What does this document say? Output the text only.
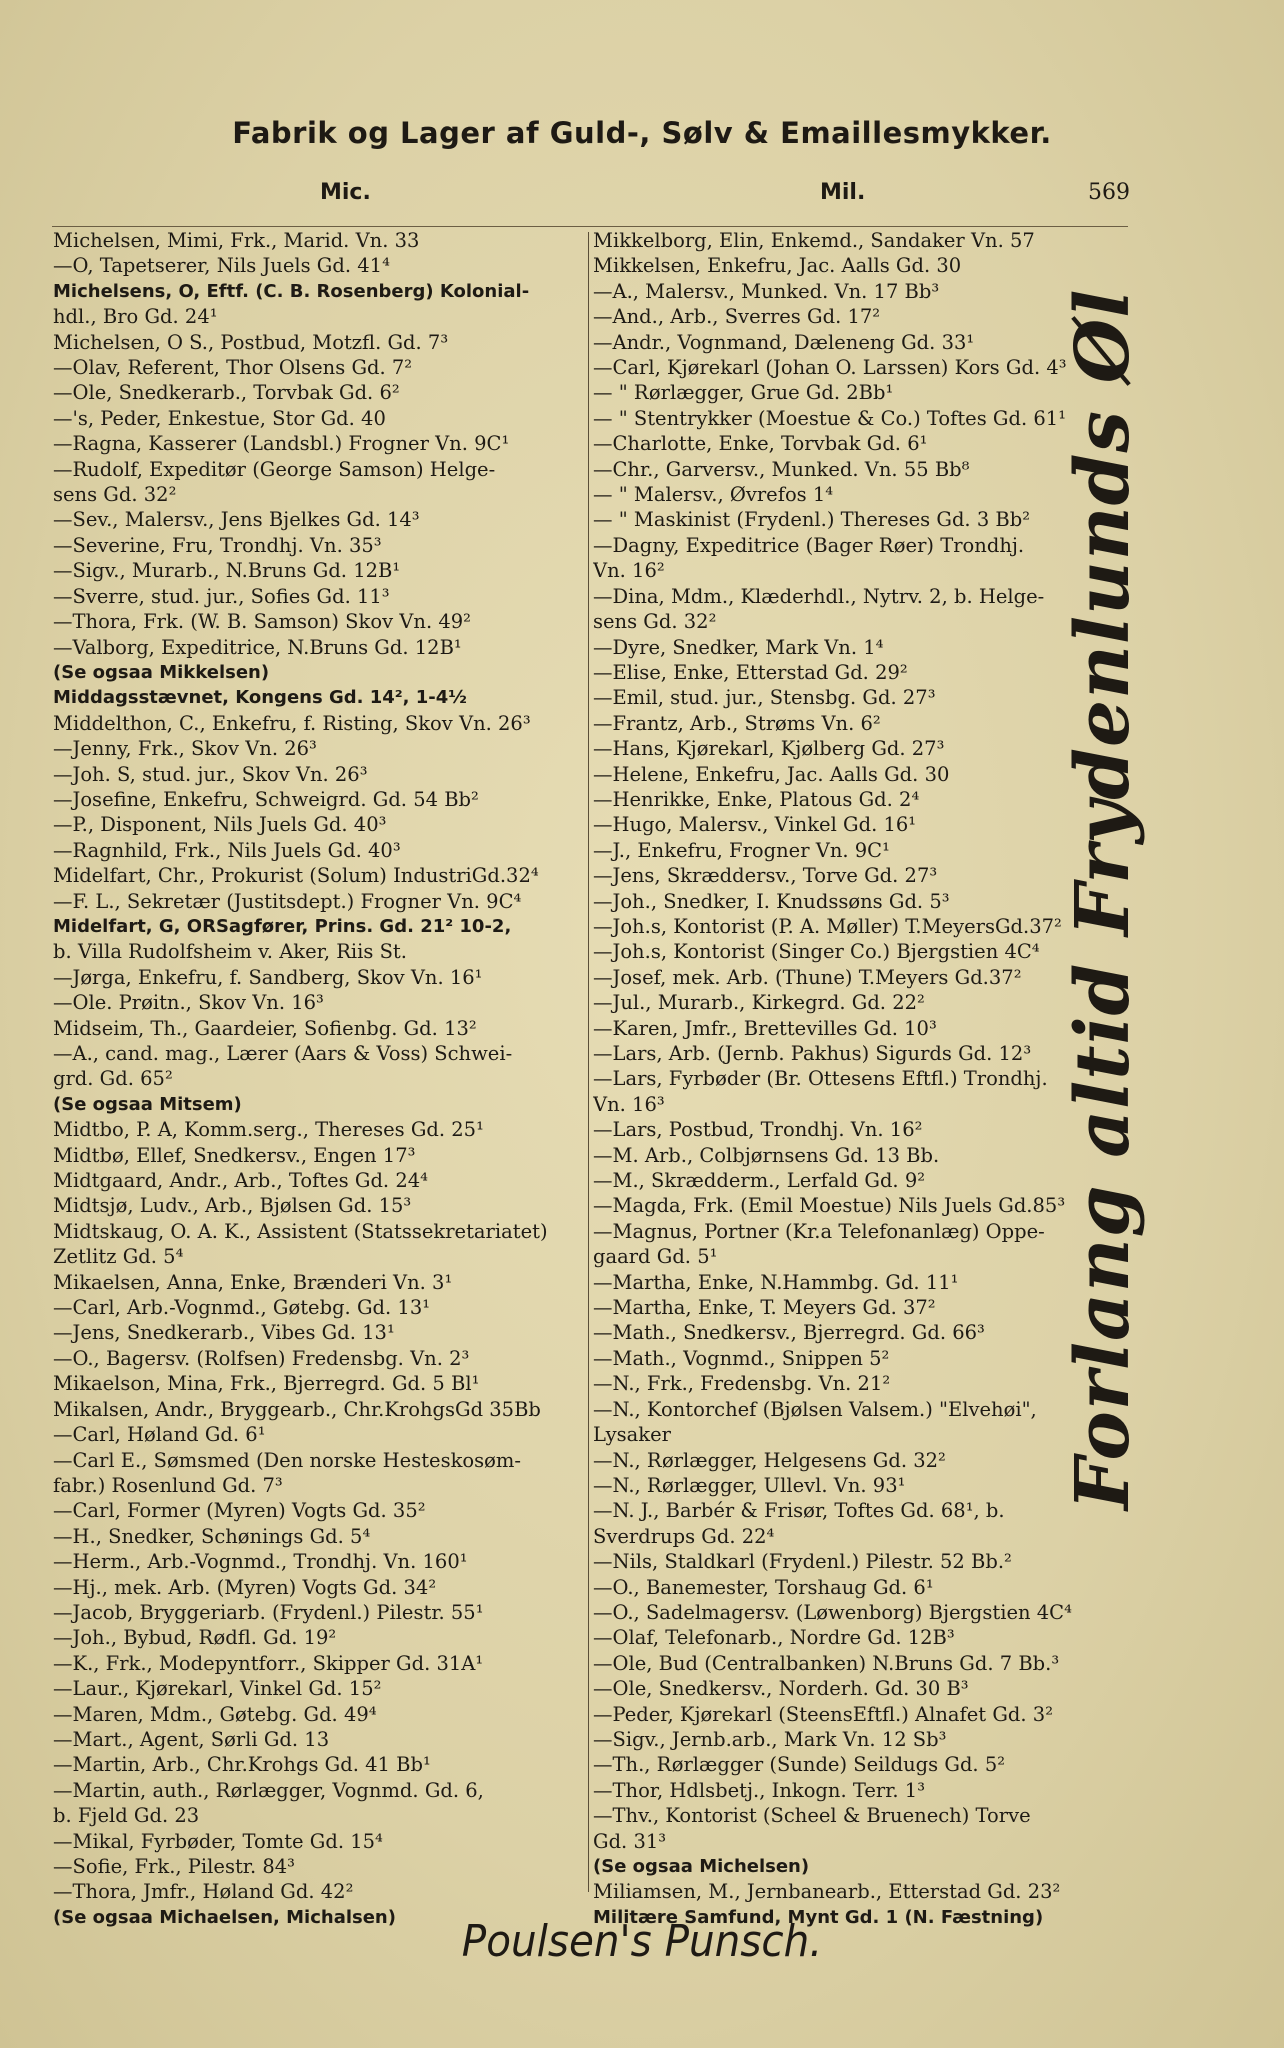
Fabrik og Lager af Guld-, Sølv & Emaillesmykker.
Mic.	Mil.	569
Michelsen, Mimi, Frk., Marid. Vn. 33
—O, Tapetserer, Nils Juels Gd. 41⁴
Michelsens, O, Eftf. (C. B. Rosenberg) Kolonial-
hdl., Bro Gd. 24¹
Michelsen, O S., Postbud, Motzfl. Gd. 7³
—Olav, Referent, Thor Olsens Gd. 7²
—Ole, Snedkerarb., Torvbak Gd. 6²
—'s, Peder, Enkestue, Stor Gd. 40
—Ragna, Kasserer (Landsbl.) Frogner Vn. 9C¹
—Rudolf, Expeditør (George Samson) Helge-
sens Gd. 32²
—Sev., Malersv., Jens Bjelkes Gd. 14³
—Severine, Fru, Trondhj. Vn. 35³
—Sigv., Murarb., N.Bruns Gd. 12B¹
—Sverre, stud. jur., Sofies Gd. 11³
—Thora, Frk. (W. B. Samson) Skov Vn. 49²
—Valborg, Expeditrice, N.Bruns Gd. 12B¹
(Se ogsaa Mikkelsen)
Middagsstævnet, Kongens Gd. 14², 1-4½
Middelthon, C., Enkefru, f. Risting, Skov Vn. 26³
—Jenny, Frk., Skov Vn. 26³
—Joh. S, stud. jur., Skov Vn. 26³
—Josefine, Enkefru, Schweigrd. Gd. 54 Bb²
—P., Disponent, Nils Juels Gd. 40³
—Ragnhild, Frk., Nils Juels Gd. 40³
Midelfart, Chr., Prokurist (Solum) IndustriGd.32⁴
—F. L., Sekretær (Justitsdept.) Frogner Vn. 9C⁴
Midelfart, G, ORSagfører, Prins. Gd. 21² 10-2,
b. Villa Rudolfsheim v. Aker, Riis St.
—Jørga, Enkefru, f. Sandberg, Skov Vn. 16¹
—Ole. Prøitn., Skov Vn. 16³
Midseim, Th., Gaardeier, Sofienbg. Gd. 13²
—A., cand. mag., Lærer (Aars & Voss) Schwei-
grd. Gd. 65²
(Se ogsaa Mitsem)
Midtbo, P. A, Komm.serg., Thereses Gd. 25¹
Midtbø, Ellef, Snedkersv., Engen 17³
Midtgaard, Andr., Arb., Toftes Gd. 24⁴
Midtsjø, Ludv., Arb., Bjølsen Gd. 15³
Midtskaug, O. A. K., Assistent (Statssekretariatet)
Zetlitz Gd. 5⁴
Mikaelsen, Anna, Enke, Brænderi Vn. 3¹
—Carl, Arb.-Vognmd., Gøtebg. Gd. 13¹
—Jens, Snedkerarb., Vibes Gd. 13¹
—O., Bagersv. (Rolfsen) Fredensbg. Vn. 2³
Mikaelson, Mina, Frk., Bjerregrd. Gd. 5 Bl¹
Mikalsen, Andr., Bryggearb., Chr.KrohgsGd 35Bb
—Carl, Høland Gd. 6¹
—Carl E., Sømsmed (Den norske Hesteskosøm-
fabr.) Rosenlund Gd. 7³
—Carl, Former (Myren) Vogts Gd. 35²
—H., Snedker, Schønings Gd. 5⁴
—Herm., Arb.-Vognmd., Trondhj. Vn. 160¹
—Hj., mek. Arb. (Myren) Vogts Gd. 34²
—Jacob, Bryggeriarb. (Frydenl.) Pilestr. 55¹
—Joh., Bybud, Rødfl. Gd. 19²
—K., Frk., Modepyntforr., Skipper Gd. 31A¹
—Laur., Kjørekarl, Vinkel Gd. 15²
—Maren, Mdm., Gøtebg. Gd. 49⁴
—Mart., Agent, Sørli Gd. 13
—Martin, Arb., Chr.Krohgs Gd. 41 Bb¹
—Martin, auth., Rørlægger, Vognmd. Gd. 6,
b. Fjeld Gd. 23
—Mikal, Fyrbøder, Tomte Gd. 15⁴
—Sofie, Frk., Pilestr. 84³
—Thora, Jmfr., Høland Gd. 42²
(Se ogsaa Michaelsen, Michalsen)
Mikkelborg, Elin, Enkemd., Sandaker Vn. 57
Mikkelsen, Enkefru, Jac. Aalls Gd. 30
—A., Malersv., Munked. Vn. 17 Bb³
—And., Arb., Sverres Gd. 17²
—Andr., Vognmand, Dæleneng Gd. 33¹
—Carl, Kjørekarl (Johan O. Larssen) Kors Gd. 4³
— " Rørlægger, Grue Gd. 2Bb¹
— " Stentrykker (Moestue & Co.) Toftes Gd. 61¹
—Charlotte, Enke, Torvbak Gd. 6¹
—Chr., Garversv., Munked. Vn. 55 Bb⁸
— " Malersv., Øvrefos 1⁴
— " Maskinist (Frydenl.) Thereses Gd. 3 Bb²
—Dagny, Expeditrice (Bager Røer) Trondhj.
Vn. 16²
—Dina, Mdm., Klæderhdl., Nytrv. 2, b. Helge-
sens Gd. 32²
—Dyre, Snedker, Mark Vn. 1⁴
—Elise, Enke, Etterstad Gd. 29²
—Emil, stud. jur., Stensbg. Gd. 27³
—Frantz, Arb., Strøms Vn. 6²
—Hans, Kjørekarl, Kjølberg Gd. 27³
—Helene, Enkefru, Jac. Aalls Gd. 30
—Henrikke, Enke, Platous Gd. 2⁴
—Hugo, Malersv., Vinkel Gd. 16¹
—J., Enkefru, Frogner Vn. 9C¹
—Jens, Skræddersv., Torve Gd. 27³
—Joh., Snedker, I. Knudssøns Gd. 5³
—Joh.s, Kontorist (P. A. Møller) T.MeyersGd.37²
—Joh.s, Kontorist (Singer Co.) Bjergstien 4C⁴
—Josef, mek. Arb. (Thune) T.Meyers Gd.37²
—Jul., Murarb., Kirkegrd. Gd. 22²
—Karen, Jmfr., Brettevilles Gd. 10³
—Lars, Arb. (Jernb. Pakhus) Sigurds Gd. 12³
—Lars, Fyrbøder (Br. Ottesens Eftfl.) Trondhj.
Vn. 16³
—Lars, Postbud, Trondhj. Vn. 16²
—M. Arb., Colbjørnsens Gd. 13 Bb.
—M., Skrædderm., Lerfald Gd. 9²
—Magda, Frk. (Emil Moestue) Nils Juels Gd.85³
—Magnus, Portner (Kr.a Telefonanlæg) Oppe-
gaard Gd. 5¹
—Martha, Enke, N.Hammbg. Gd. 11¹
—Martha, Enke, T. Meyers Gd. 37²
—Math., Snedkersv., Bjerregrd. Gd. 66³
—Math., Vognmd., Snippen 5²
—N., Frk., Fredensbg. Vn. 21²
—N., Kontorchef (Bjølsen Valsem.) "Elvehøi",
Lysaker
—N., Rørlægger, Helgesens Gd. 32²
—N., Rørlægger, Ullevl. Vn. 93¹
—N. J., Barbér & Frisør, Toftes Gd. 68¹, b.
Sverdrups Gd. 22⁴
—Nils, Staldkarl (Frydenl.) Pilestr. 52 Bb.²
—O., Banemester, Torshaug Gd. 6¹
—O., Sadelmagersv. (Løwenborg) Bjergstien 4C⁴
—Olaf, Telefonarb., Nordre Gd. 12B³
—Ole, Bud (Centralbanken) N.Bruns Gd. 7 Bb.³
—Ole, Snedkersv., Norderh. Gd. 30 B³
—Peder, Kjørekarl (SteensEftfl.) Alnafet Gd. 3²
—Sigv., Jernb.arb., Mark Vn. 12 Sb³
—Th., Rørlægger (Sunde) Seildugs Gd. 5²
—Thor, Hdlsbetj., Inkogn. Terr. 1³
—Thv., Kontorist (Scheel & Bruenech) Torve
Gd. 31³
(Se ogsaa Michelsen)
Miliamsen, M., Jernbanearb., Etterstad Gd. 23²
Militære Samfund, Mynt Gd. 1 (N. Fæstning)
Forlang altid Frydenlunds Øl
Poulsen's Punsch.
